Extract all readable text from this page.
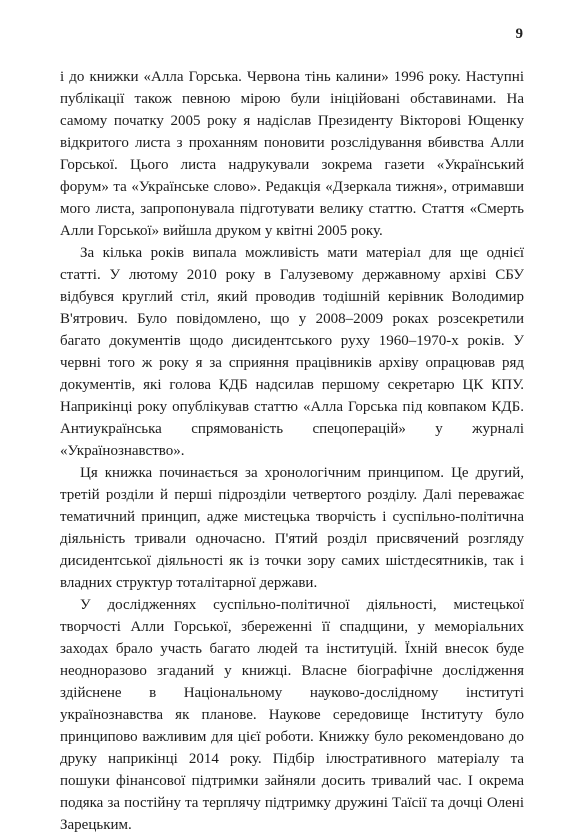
9

і до книжки «Алла Горська. Червона тінь калини» 1996 року. Наступні публікації також певною мірою були ініційовані обставинами. На самому початку 2005 року я надіслав Президенту Вікторові Ющенку відкритого листа з проханням поновити розслідування вбивства Алли Горської. Цього листа надрукували зокрема газети «Український форум» та «Українське слово». Редакція «Дзеркала тижня», отримавши мого листа, запропонувала підготувати велику статтю. Стаття «Смерть Алли Горської» вийшла друком у квітні 2005 року.

За кілька років випала можливість мати матеріал для ще однієї статті. У лютому 2010 року в Галузевому державному архіві СБУ відбувся круглий стіл, який проводив тодішній керівник Володимир В'ятрович. Було повідомлено, що у 2008–2009 роках розсекретили багато документів щодо дисидентського руху 1960–1970-х років. У червні того ж року я за сприяння працівників архіву опрацював ряд документів, які голова КДБ надсилав першому секретарю ЦК КПУ. Наприкінці року опублікував статтю «Алла Горська під ковпаком КДБ. Антиукраїнська спрямованість спецоперацій» у журналі «Українознавство».

Ця книжка починається за хронологічним принципом. Це другий, третій розділи й перші підрозділи четвертого розділу. Далі переважає тематичний принцип, адже мистецька творчість і суспільно-політична діяльність тривали одночасно. П'ятий розділ присвячений розгляду дисидентської діяльності як із точки зору самих шістдесятників, так і владних структур тоталітарної держави.

У дослідженнях суспільно-політичної діяльності, мистецької творчості Алли Горської, збереженні її спадщини, у меморіальних заходах брало участь багато людей та інституцій. Їхній внесок буде неодноразово згаданий у книжці. Власне біографічне дослідження здійснене в Національному науково-дослідному інституті українознавства як планове. Наукове середовище Інституту було принципово важливим для цієї роботи. Книжку було рекомендовано до друку наприкінці 2014 року. Підбір ілюстративного матеріалу та пошуки фінансової підтримки зайняли досить тривалий час. І окрема подяка за постійну та терплячу підтримку дружині Таїсії та дочці Олені Зарецьким.
